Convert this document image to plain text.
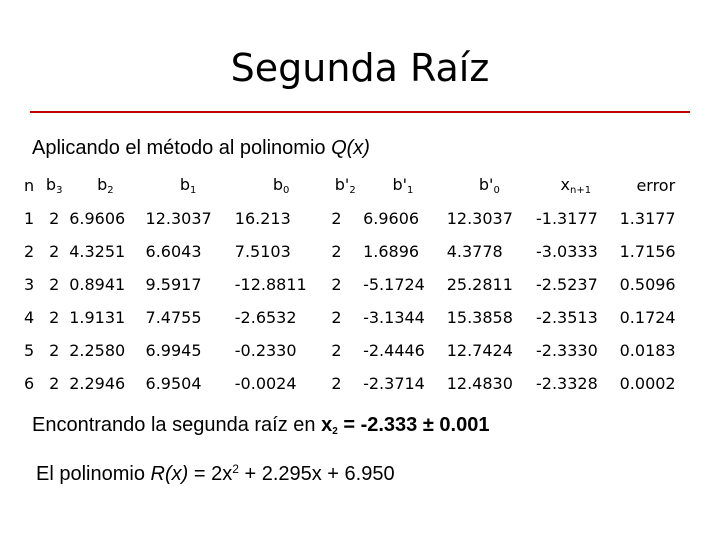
Segunda Raíz
Aplicando el método al polinomio Q(x)
n	$b_3$	$b_2$	$b_1$	$b_0$	$b'_2$	$b'_1$	$b'_0$	$x_{n+1}$	error
1	2	6.9606	12.3037	16.213	2	6.9606	12.3037	-1.3177	1.3177
2	2	4.3251	6.6043	7.5103	2	1.6896	4.3778	-3.0333	1.7156
3	2	0.8941	9.5917	-12.8811	2	-5.1724	25.2811	-2.5237	0.5096
4	2	1.9131	7.4755	-2.6532	2	-3.1344	15.3858	-2.3513	0.1724
5	2	2.2580	6.9945	-0.2330	2	-2.4446	12.7424	-2.3330	0.0183
6	2	2.2946	6.9504	-0.0024	2	-2.3714	12.4830	-2.3328	0.0002
Encontrando la segunda raíz en $x_2 = -2.333 \pm 0.001$
El polinomio $R(x) = 2x^2 + 2.295x + 6.950$
